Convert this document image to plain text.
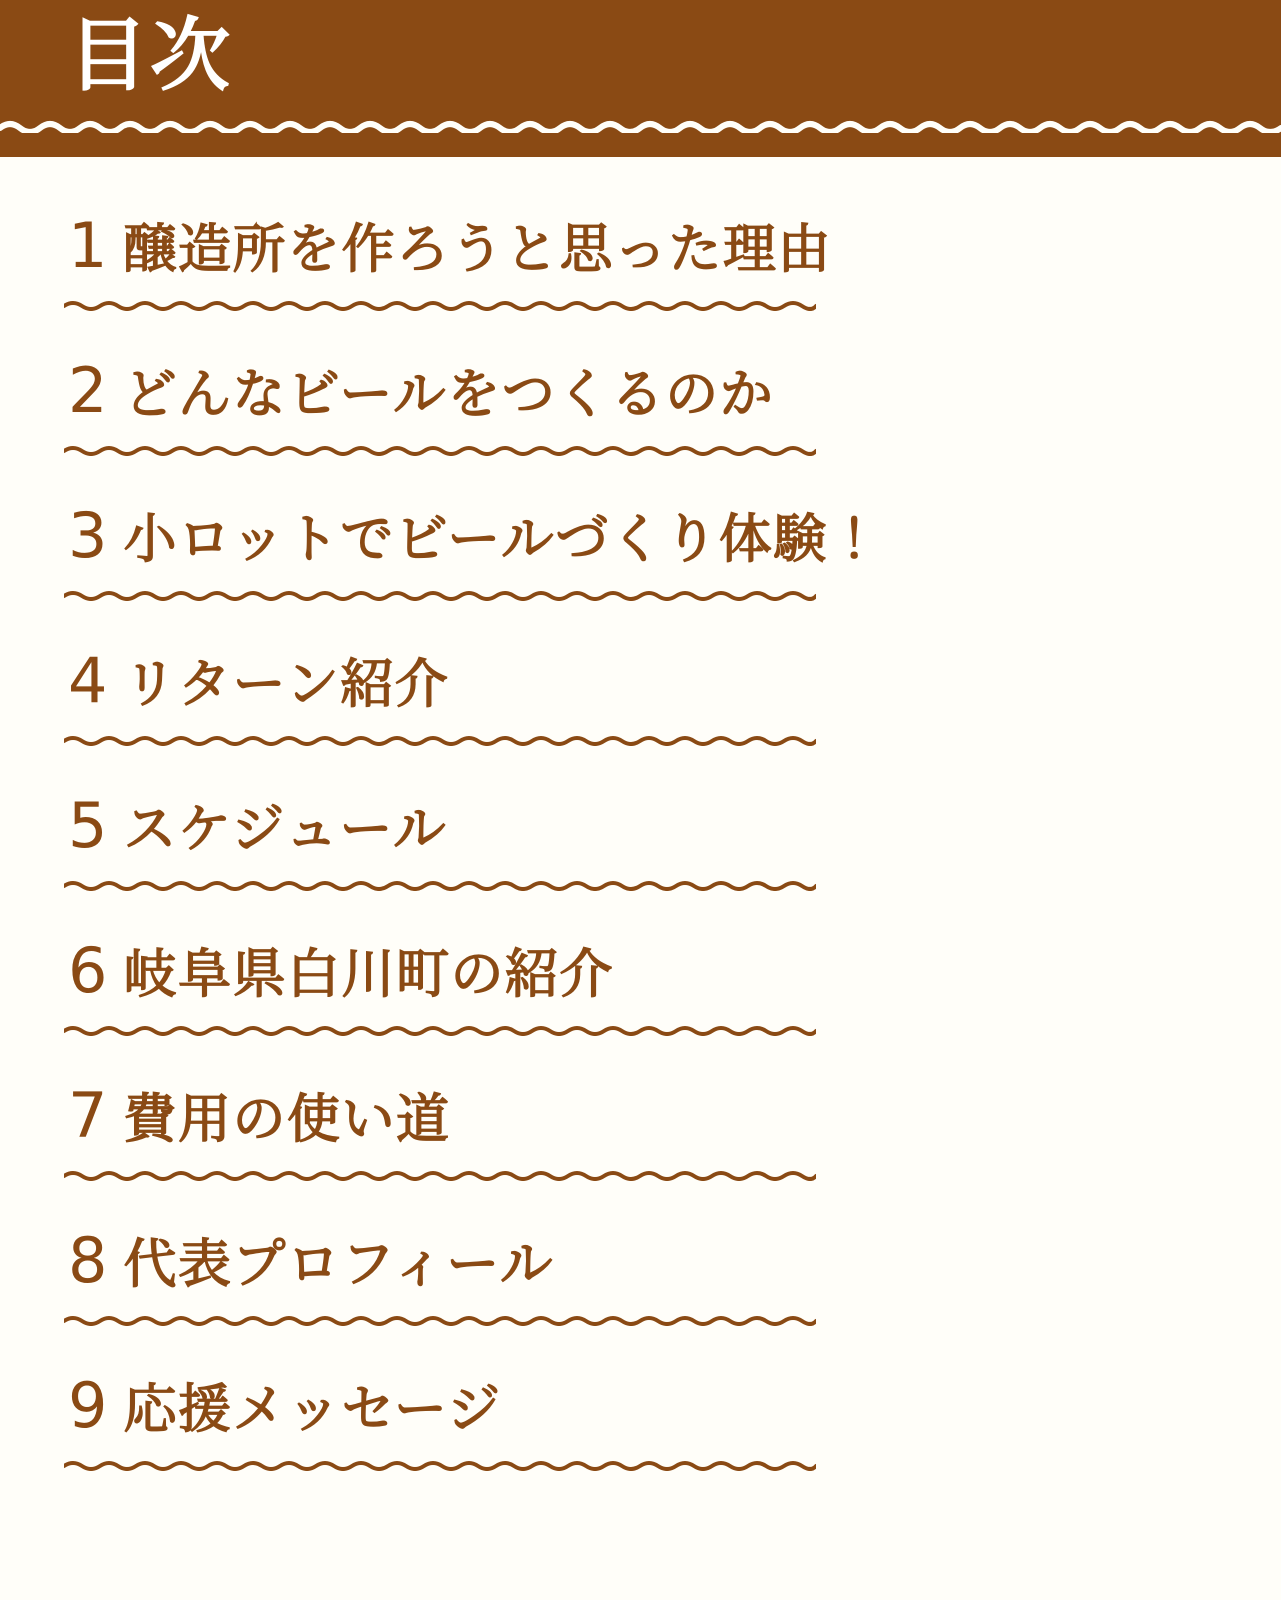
目次
1 醸造所を作ろうと思った理由
2 どんなビールをつくるのか
3 小ロットでビールづくり体験！
4 リターン紹介
5 スケジュール
6 岐阜県白川町の紹介
7 費用の使い道
8 代表プロフィール
9 応援メッセージ
